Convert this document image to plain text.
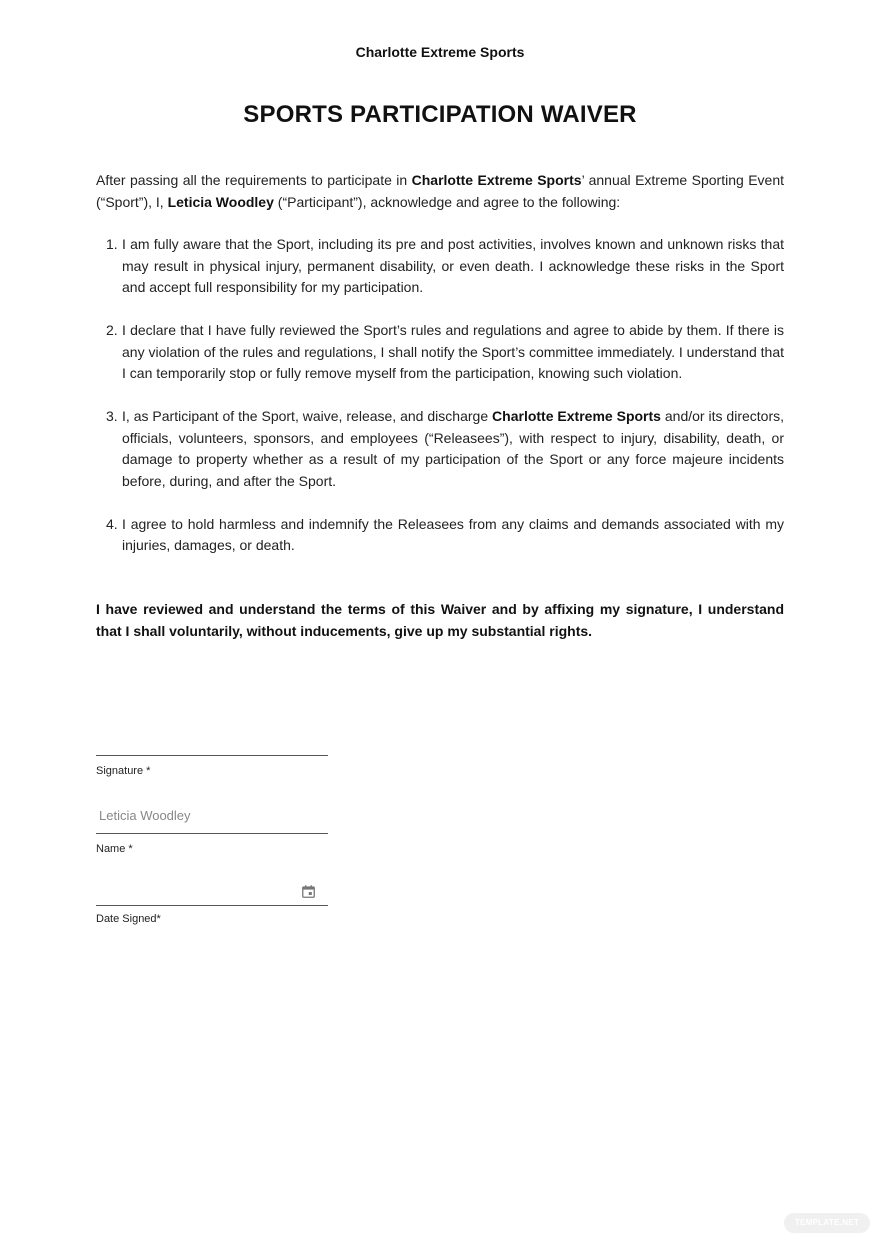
Charlotte Extreme Sports
SPORTS PARTICIPATION WAIVER

After passing all the requirements to participate in Charlotte Extreme Sports’ annual Extreme Sporting Event (“Sport”), I, Leticia Woodley (“Participant”), acknowledge and agree to the following:

1. I am fully aware that the Sport, including its pre and post activities, involves known and unknown risks that may result in physical injury, permanent disability, or even death. I acknowledge these risks in the Sport and accept full responsibility for my participation.
2. I declare that I have fully reviewed the Sport’s rules and regulations and agree to abide by them. If there is any violation of the rules and regulations, I shall notify the Sport’s committee immediately. I understand that I can temporarily stop or fully remove myself from the participation, knowing such violation.
3. I, as Participant of the Sport, waive, release, and discharge Charlotte Extreme Sports and/or its directors, officials, volunteers, sponsors, and employees (“Releasees”), with respect to injury, disability, death, or damage to property whether as a result of my participation of the Sport or any force majeure incidents before, during, and after the Sport.
4. I agree to hold harmless and indemnify the Releasees from any claims and demands associated with my injuries, damages, or death.

I have reviewed and understand the terms of this Waiver and by affixing my signature, I understand that I shall voluntarily, without inducements, give up my substantial rights.

Signature *
Leticia Woodley
Name *
Date Signed*
TEMPLATE.NET
